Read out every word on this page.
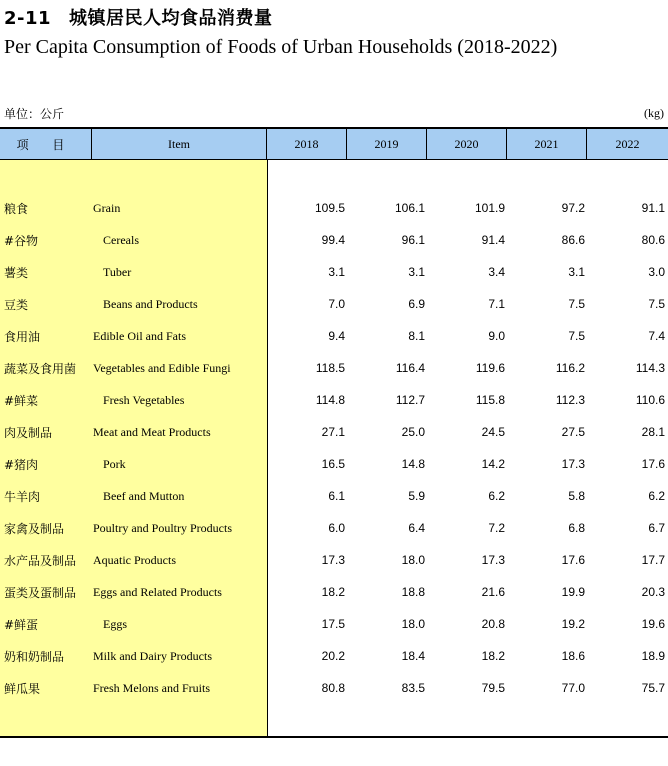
2-11 城镇居民人均食品消费量
Per Capita Consumption of Foods of Urban Households (2018-2022)
单位：公斤	(kg)
项 目	Item	2018	2019	2020	2021	2022
粮食	Grain	109.5	106.1	101.9	97.2	91.1
#谷物	Cereals	99.4	96.1	91.4	86.6	80.6
薯类	Tuber	3.1	3.1	3.4	3.1	3.0
豆类	Beans and Products	7.0	6.9	7.1	7.5	7.5
食用油	Edible Oil and Fats	9.4	8.1	9.0	7.5	7.4
蔬菜及食用菌 Vegetables and Edible Fungi	118.5	116.4	119.6	116.2	114.3
#鲜菜	Fresh Vegetables	114.8	112.7	115.8	112.3	110.6
肉及制品	Meat and Meat Products	27.1	25.0	24.5	27.5	28.1
#猪肉	Pork	16.5	14.8	14.2	17.3	17.6
牛羊肉	Beef and Mutton	6.1	5.9	6.2	5.8	6.2
家禽及制品 Poultry and Poultry Products	6.0	6.4	7.2	6.8	6.7
水产品及制品 Aquatic Products	17.3	18.0	17.3	17.6	17.7
蛋类及蛋制品 Eggs and Related Products	18.2	18.8	21.6	19.9	20.3
#鲜蛋	Eggs	17.5	18.0	20.8	19.2	19.6
奶和奶制品 Milk and Dairy Products	20.2	18.4	18.2	18.6	18.9
鲜瓜果	Fresh Melons and Fruits	80.8	83.5	79.5	77.0	75.7
